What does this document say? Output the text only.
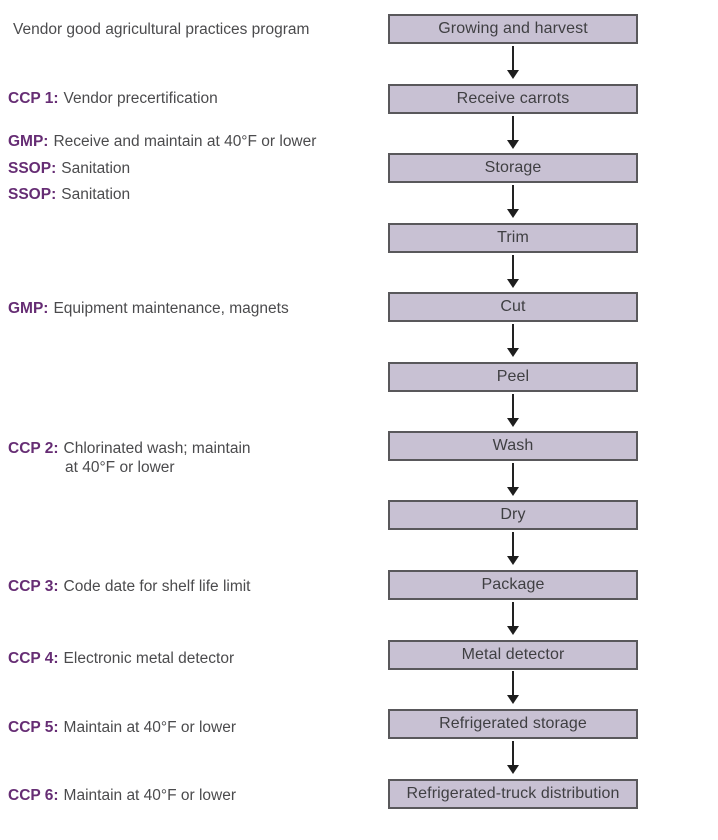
Growing and harvest
Receive carrots
Storage
Trim
Cut
Peel
Wash
Dry
Package
Metal detector
Refrigerated storage
Refrigerated-truck distribution
Vendor good agricultural practices program
CCP 1: Vendor precertification
GMP: Receive and maintain at 40°F or lower
SSOP: Sanitation
SSOP: Sanitation
GMP: Equipment maintenance, magnets
CCP 2: Chlorinated wash; maintain
at 40°F or lower
CCP 3: Code date for shelf life limit
CCP 4: Electronic metal detector
CCP 5: Maintain at 40°F or lower
CCP 6: Maintain at 40°F or lower
